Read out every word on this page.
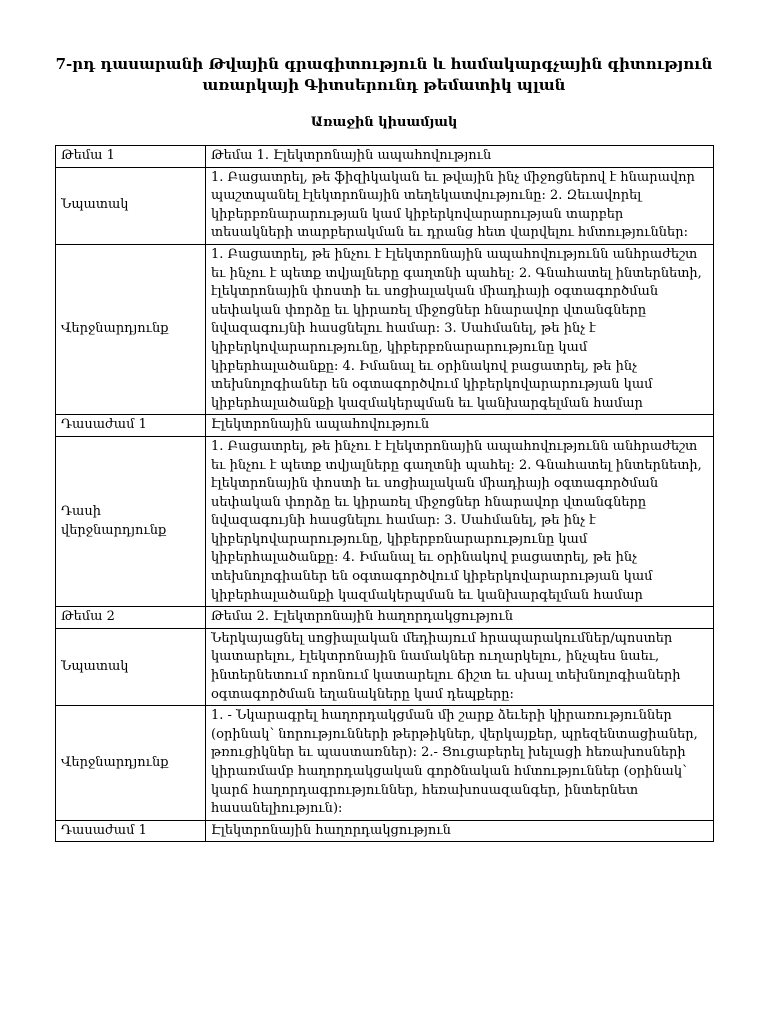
7-րդ դասարանի Թվային գրագիտություն և համակարգչային գիտություն առարկայի Գիտսերունդ թեմատիկ պլան
Առաջին կիսամյակ
Թեմա 1	Թեմա 1. Էլեկտրոնային ապահովություն
Նպատակ	1. Բացատրել, թե ֆիզիկական եւ թվային ինչ միջոցներով է հնարավոր պաշտպանել էլեկտրոնային տեղեկատվությունը: 2. Զեւավորել կիբերբռնարարության կամ կիբերկովարարության տարբեր տեսակների տարբերակման եւ դրանց հետ վարվելու հմտություններ:
Վերջնարդյունք	1. Բացատրել, թե ինչու է էլեկտրոնային ապահովությունն անհրաժեշտ եւ ինչու է պետք տվյալները գաղտնի պահել: 2. Գնահատել ինտերնետի, էլեկտրոնային փոստի եւ սոցիալական միադիայի օգտագործման սեփական փորձը եւ կիրառել միջոցներ հնարավոր վտանգները նվազագույնի հասցնելու համար: 3. Սահմանել, թե ինչ է կիբերկովարարությունը, կիբերբռնարարությունը կամ կիբերհալածանքը: 4. Իմանալ եւ օրինակով բացատրել, թե ինչ տեխնոլոգիաներ են օգտագործվում կիբերկովարարության կամ կիբերհալածանքի կազմակերպման եւ կանխարգելման համար
Դասաժամ 1	Էլեկտրոնային ապահովություն
Դասի վերջնարդյունք	1. Բացատրել, թե ինչու է էլեկտրոնային ապահովությունն անհրաժեշտ եւ ինչու է պետք տվյալները գաղտնի պահել: 2. Գնահատել ինտերնետի, էլեկտրոնային փոստի եւ սոցիալական միադիայի օգտագործման սեփական փորձը եւ կիրառել միջոցներ հնարավոր վտանգները նվազագույնի հասցնելու համար: 3. Սահմանել, թե ինչ է կիբերկովարարությունը, կիբերբռնարարությունը կամ կիբերհալածանքը: 4. Իմանալ եւ օրինակով բացատրել, թե ինչ տեխնոլոգիաներ են օգտագործվում կիբերկովարարության կամ կիբերհալածանքի կազմակերպման եւ կանխարգելման համար
Թեմա 2	Թեմա 2. Էլեկտրոնային հաղորդակցություն
Նպատակ	Ներկայացնել սոցիալական մեդիայում հրապարակումներ/պոստեր կատարելու, էլեկտրոնային նամակներ ուղարկելու, ինչպես նաեւ, ինտերնետում որոնում կատարելու ճիշտ եւ սխալ տեխնոլոգիաների օգտագործման եղանակները կամ դեպքերը:
Վերջնարդյունք	1. - Նկարագրել հաղորդակցման մի շարք ձեւերի կիրառություններ (օրինակ՝ նորությունների թերթիկներ, վերկայքեր, պրեզենտացիաներ, թռուցիկներ եւ պաստառներ): 2.- Ցուցաբերել խելացի հեռախոսների կիրառմամբ հաղորդակցական գործնական հմտություններ (օրինակ՝ կարճ հաղորդագրություններ, հեռախոսազանգեր, ինտերնետ հասանելիություն):
Դասաժամ 1	Էլեկտրոնային հաղորդակցություն
